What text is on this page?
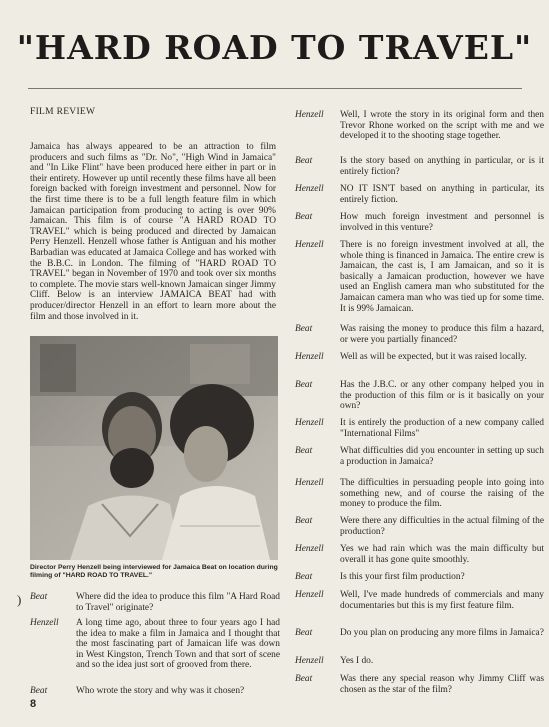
"HARD ROAD TO TRAVEL"
FILM REVIEW
Jamaica has always appeared to be an attraction to film producers and such films as "Dr. No", "High Wind in Jamaica" and "In Like Flint" have been produced here either in part or in their entirety. However up until recently these films have all been foreign backed with foreign investment and personnel. Now for the first time there is to be a full length feature film in which Jamaican participation from producing to acting is over 90% Jamaican. This film is of course "A HARD ROAD TO TRAVEL" which is being produced and directed by Jamaican Perry Henzell. Henzell whose father is Antiguan and his mother Barbadian was educated at Jamaica College and has worked with the B.B.C. in London. The filming of "HARD ROAD TO TRAVEL" began in November of 1970 and took over six months to complete. The movie stars well-known Jamaican singer Jimmy Cliff. Below is an interview JAMAICA BEAT had with producer/director Henzell in an effort to learn more about the film and those involved in it.
Director Perry Henzell being interviewed for Jamaica Beat on location during filming of "HARD ROAD TO TRAVEL."
) Beat	Where did the idea to produce this film "A Hard Road to Travel" originate?
Henzell	A long time ago, about three to four years ago I had the idea to make a film in Jamaica and I thought that the most fascinating part of Jamaican life was down in West Kingston, Trench Town and that sort of scene and so the idea just sort of grooved from there.
Beat	Who wrote the story and why was it chosen?
Henzell	Well, I wrote the story in its original form and then Trevor Rhone worked on the script with me and we developed it to the shooting stage together.
Beat	Is the story based on anything in particular, or is it entirely fiction?
Henzell	NO IT ISN'T based on anything in particular, its entirely fiction.
Beat	How much foreign investment and personnel is involved in this venture?
Henzell	There is no foreign investment involved at all, the whole thing is financed in Jamaica. The entire crew is Jamaican, the cast is, I am Jamaican, and so it is basically a Jamaican production, however we have used an English camera man who substituted for the Jamaican camera man who was tied up for some time. It is 99% Jamaican.
Beat	Was raising the money to produce this film a hazard, or were you partially financed?
Henzell	Well as will be expected, but it was raised locally.
Beat	Has the J.B.C. or any other company helped you in the production of this film or is it basically on your own?
Henzell	It is entirely the production of a new company called "International Films"
Beat	What difficulties did you encounter in setting up such a production in Jamaica?
Henzell	The difficulties in persuading people into going into something new, and of course the raising of the money to produce the film.
Beat	Were there any difficulties in the actual filming of the production?
Henzell	Yes we had rain which was the main difficulty but overall it has gone quite smoothly.
Beat	Is this your first film production?
Henzell	Well, I've made hundreds of commercials and many documentaries but this is my first feature film.
Beat	Do you plan on producing any more films in Jamaica?
Henzell	Yes I do.
Beat	Was there any special reason why Jimmy Cliff was chosen as the star of the film?
8
